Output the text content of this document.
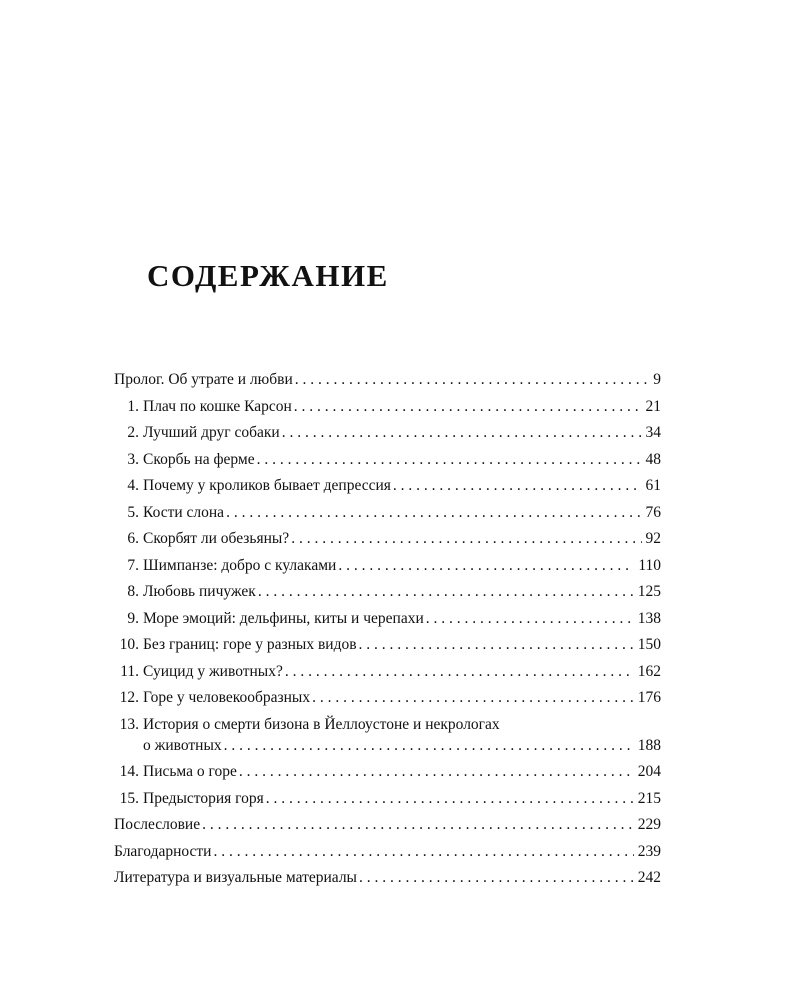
СОДЕРЖАНИЕ
Пролог. Об утрате и любви . . .	9
1. Плач по кошке Карсон . . .	21
2. Лучший друг собаки . . .	34
3. Скорбь на ферме . . .	48
4. Почему у кроликов бывает депрессия . . .	61
5. Кости слона . . .	76
6. Скорбят ли обезьяны? . . .	92
7. Шимпанзе: добро с кулаками . . .	110
8. Любовь пичужек . . .	125
9. Море эмоций: дельфины, киты и черепахи . . .	138
10. Без границ: горе у разных видов . . .	150
11. Суицид у животных? . . .	162
12. Горе у человекообразных . . .	176
13. История о смерти бизона в Йеллоустоне и некрологах
о животных . . .	188
14. Письма о горе . . .	204
15. Предыстория горя . . .	215
Послесловие . . .	229
Благодарности . . .	239
Литература и визуальные материалы . . .	242
